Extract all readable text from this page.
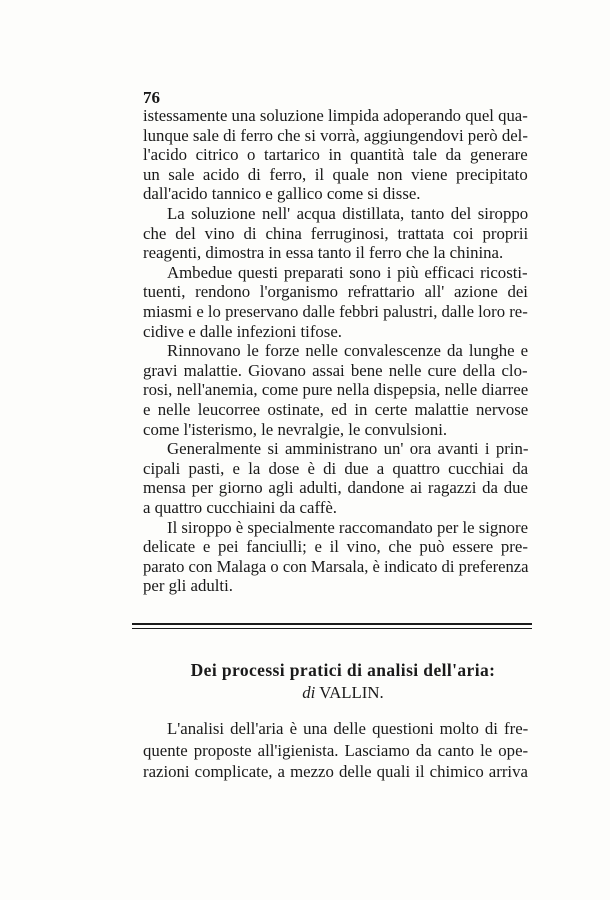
76
istessamente una soluzione limpida adoperando quel qua-
lunque sale di ferro che si vorrà, aggiungendovi però del-
l'acido citrico o tartarico in quantità tale da generare
un sale acido di ferro, il quale non viene precipitato
dall'acido tannico e gallico come si disse.
La soluzione nell' acqua distillata, tanto del siroppo
che del vino di china ferruginosi, trattata coi proprii
reagenti, dimostra in essa tanto il ferro che la chinina.
Ambedue questi preparati sono i più efficaci ricosti-
tuenti, rendono l'organismo refrattario all' azione dei
miasmi e lo preservano dalle febbri palustri, dalle loro re-
cidive e dalle infezioni tifose.
Rinnovano le forze nelle convalescenze da lunghe e
gravi malattie. Giovano assai bene nelle cure della clo-
rosi, nell'anemia, come pure nella dispepsia, nelle diarree
e nelle leucorree ostinate, ed in certe malattie nervose
come l'isterismo, le nevralgie, le convulsioni.
Generalmente si amministrano un' ora avanti i prin-
cipali pasti, e la dose è di due a quattro cucchiai da
mensa per giorno agli adulti, dandone ai ragazzi da due
a quattro cucchiaini da caffè.
Il siroppo è specialmente raccomandato per le signore
delicate e pei fanciulli; e il vino, che può essere pre-
parato con Malaga o con Marsala, è indicato di preferenza
per gli adulti.
Dei processi pratici di analisi dell'aria:
di VALLIN.
L'analisi dell'aria è una delle questioni molto di fre-
quente proposte all'igienista. Lasciamo da canto le ope-
razioni complicate, a mezzo delle quali il chimico arriva
